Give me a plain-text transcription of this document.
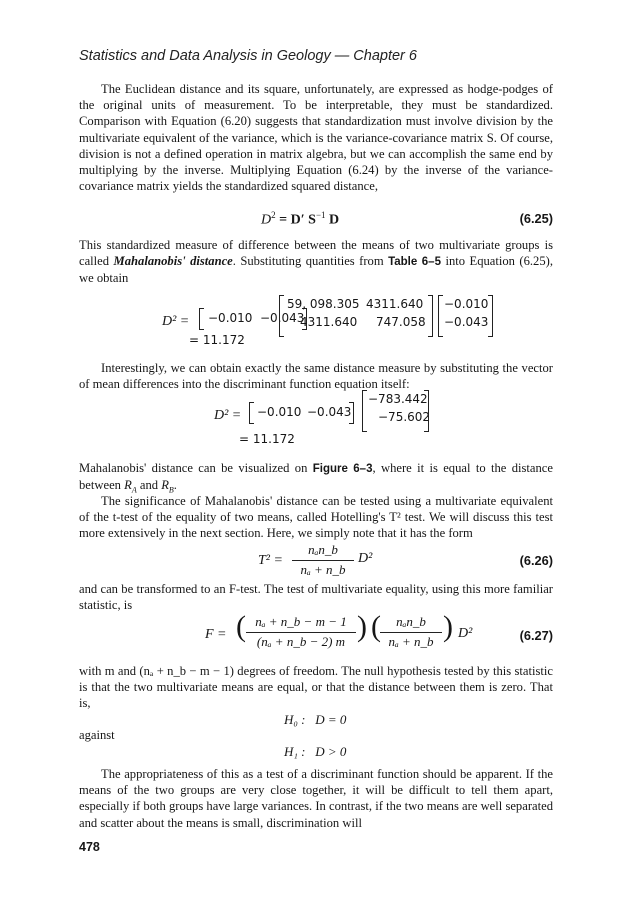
Statistics and Data Analysis in Geology — Chapter 6

The Euclidean distance and its square, unfortunately, are expressed as hodge-podges of the original units of measurement. To be interpretable, they must be standardized. Comparison with Equation (6.20) suggests that standardization must involve division by the multivariate equivalent of the variance, which is the variance-covariance matrix S. Of course, division is not a defined operation in matrix algebra, but we can accomplish the same end by multiplying by the inverse. Multiplying Equation (6.24) by the inverse of the variance-covariance matrix yields the standardized squared distance,

$D^2 = D'$ $S^{-1}$ D	(6.25)

This standardized measure of difference between the means of two multivariate groups is called Mahalanobis' distance. Substituting quantities from Table 6–5 into Equation (6.25), we obtain

D² = −0.010 −0.043
59, 098.305 4311.640
4311.640 747.058
−0.010
−0.043
= 11.172

Interestingly, we can obtain exactly the same distance measure by substituting the vector of mean differences into the discriminant function equation itself:

D² = −0.010 −0.043
−783.442
−75.602
= 11.172

Mahalanobis' distance can be visualized on Figure 6–3, where it is equal to the distance between $R_A$ and $R_B$.

The significance of Mahalanobis' distance can be tested using a multivariate equivalent of the t-test of the equality of two means, called Hotelling's T² test. We will discuss this test more extensively in the next section. Here, we simply note that it has the form

T² =
nₐn_b
nₐ + n_b
D²	(6.26)

and can be transformed to an F-test. The test of multivariate equality, using this more familiar statistic, is

F = ( $\frac{\text{nₐ + n\_b − m − 1}}{\text{(nₐ + n\_b − 2) m}}$ ) (	nₐn_b
nₐ + n_b ) D²	(6.27)

with m and (nₐ + n_b − m − 1) degrees of freedom. The null hypothesis tested by this statistic is that the two multivariate means are equal, or that the distance between them is zero. That is,

H₀ :   D = 0
against
H₁ :   D > 0

The appropriateness of this as a test of a discriminant function should be apparent. If the means of the two groups are very close together, it will be difficult to tell them apart, especially if both groups have large variances. In contrast, if the two means are well separated and scatter about the means is small, discrimination will

478
